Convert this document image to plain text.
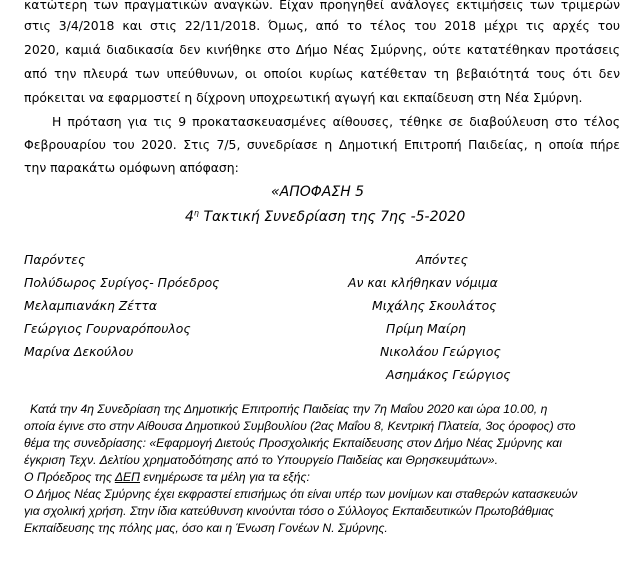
κατώτερη των πραγματικών αναγκών. Είχαν προηγηθεί ανάλογες εκτιμήσεις των τριμερών
στις 3/4/2018 και στις 22/11/2018. Όμως, από το τέλος του 2018 μέχρι τις αρχές του
2020, καμιά διαδικασία δεν κινήθηκε στο Δήμο Νέας Σμύρνης, ούτε κατατέθηκαν προτάσεις
από την πλευρά των υπεύθυνων, οι οποίοι κυρίως κατέθεταν τη βεβαιότητά τους ότι δεν
πρόκειται να εφαρμοστεί η δίχρονη υποχρεωτική αγωγή και εκπαίδευση στη Νέα Σμύρνη.
Η πρόταση για τις 9 προκατασκευασμένες αίθουσες, τέθηκε σε διαβούλευση στο τέλος
Φεβρουαρίου του 2020. Στις 7/5, συνεδρίασε η Δημοτική Επιτροπή Παιδείας, η οποία πήρε
την παρακάτω ομόφωνη απόφαση:
«ΑΠΟΦΑΣΗ 5
$4^\eta$ Τακτική Συνεδρίαση της 7ης -5-2020
Παρόντες
Πολύδωρος Συρίγος- Πρόεδρος
Μελαμπιανάκη Ζέττα
Γεώργιος Γουρναρόπουλος
Μαρίνα Δεκούλου
Απόντες
Αν και κλήθηκαν νόμιμα
Μιχάλης Σκουλάτος
Πρίμη Μαίρη
Νικολάου Γεώργιος
Ασημάκος Γεώργιος
Κατά την 4η Συνεδρίαση της Δημοτικής Επιτροπής Παιδείας την 7η Μαΐου 2020 και ώρα 10.00, η
οποία έγινε στο στην Αίθουσα Δημοτικού Συμβουλίου (2ας Μαΐου 8, Κεντρική Πλατεία, 3ος όροφος) στο
θέμα της συνεδρίασης: «Εφαρμογή Διετούς Προσχολικής Εκπαίδευσης στον Δήμο Νέας Σμύρνης και
έγκριση Τεχν. Δελτίου χρηματοδότησης από το Υπουργείο Παιδείας και Θρησκευμάτων».
Ο Πρόεδρος της ΔΕΠ ενημέρωσε τα μέλη για τα εξής:
Ο Δήμος Νέας Σμύρνης έχει εκφραστεί επισήμως ότι είναι υπέρ των μονίμων και σταθερών κατασκευών
για σχολική χρήση. Στην ίδια κατεύθυνση κινούνται τόσο ο Σύλλογος Εκπαιδευτικών Πρωτοβάθμιας
Εκπαίδευσης της πόλης μας, όσο και η Ένωση Γονέων Ν. Σμύρνης.
